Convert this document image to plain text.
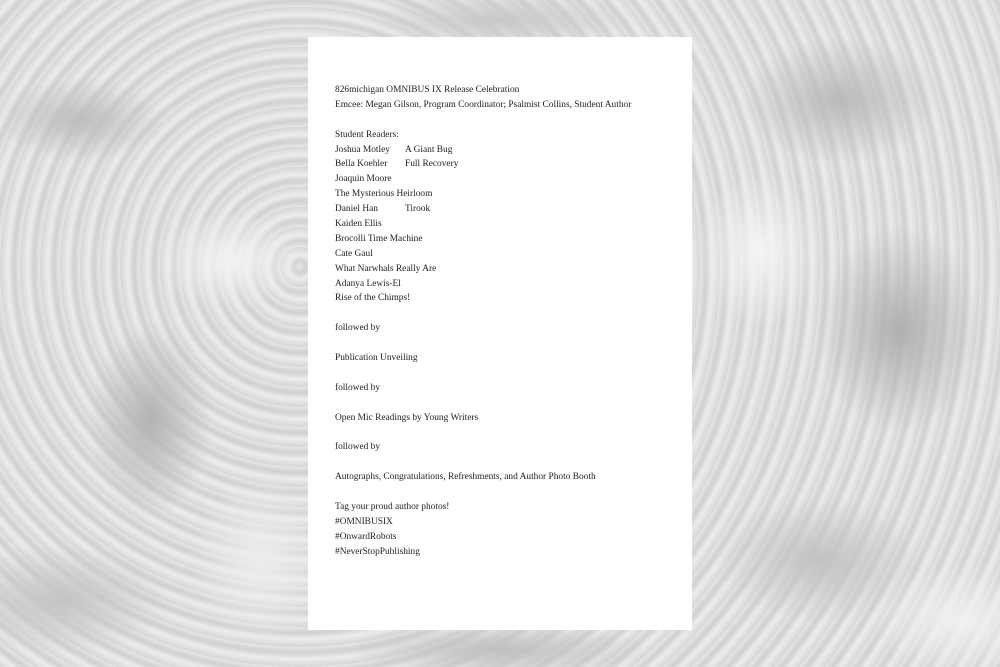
826michigan OMNIBUS IX Release Celebration
Emcee: Megan Gilson, Program Coordinator; Psalmist Collins, Student Author
Student Readers:
Joshua Motley A Giant Bug
Bella Koehler Full Recovery
Joaquin Moore
The Mysterious Heirloom
Daniel Han	Tirook
Kaiden Ellis
Brocolli Time Machine
Cate Gaul
What Narwhals Really Are
Adanya Lewis-El
Rise of the Chimps!
followed by
Publication Unveiling
followed by
Open Mic Readings by Young Writers
followed by
Autographs, Congratulations, Refreshments, and Author Photo Booth
Tag your proud author photos!
#OMNIBUSIX
#OnwardRobots
#NeverStopPublishing
